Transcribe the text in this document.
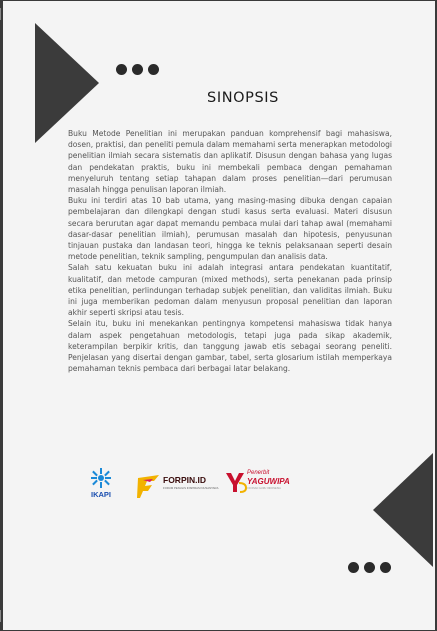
SINOPSIS

Buku Metode Penelitian ini merupakan panduan komprehensif bagi mahasiswa, dosen, praktisi, dan peneliti pemula dalam memahami serta menerapkan metodologi penelitian ilmiah secara sistematis dan aplikatif. Disusun dengan bahasa yang lugas dan pendekatan praktis, buku ini membekali pembaca dengan pemahaman menyeluruh tentang setiap tahapan dalam proses penelitian—dari perumusan masalah hingga penulisan laporan ilmiah.

Buku ini terdiri atas 10 bab utama, yang masing-masing dibuka dengan capaian pembelajaran dan dilengkapi dengan studi kasus serta evaluasi. Materi disusun secara berurutan agar dapat memandu pembaca mulai dari tahap awal (memahami dasar-dasar penelitian ilmiah), perumusan masalah dan hipotesis, penyusunan tinjauan pustaka dan landasan teori, hingga ke teknis pelaksanaan seperti desain metode penelitian, teknik sampling, pengumpulan dan analisis data.

Salah satu kekuatan buku ini adalah integrasi antara pendekatan kuantitatif, kualitatif, dan metode campuran (mixed methods), serta penekanan pada prinsip etika penelitian, perlindungan terhadap subjek penelitian, dan validitas ilmiah. Buku ini juga memberikan pedoman dalam menyusun proposal penelitian dan laporan akhir seperti skripsi atau tesis.

Selain itu, buku ini menekankan pentingnya kompetensi mahasiswa tidak hanya dalam aspek pengetahuan metodologis, tetapi juga pada sikap akademik, keterampilan berpikir kritis, dan tanggung jawab etis sebagai seorang peneliti. Penjelasan yang disertai dengan gambar, tabel, serta glosarium istilah memperkaya pemahaman teknis pembaca dari berbagai latar belakang.

IKAPI
FORPIN.ID
FORUM PENULIS INSPIRASI NUSANTARA
Penerbit
YAGUWIPA
YAYASAN GURU INDONESIA
